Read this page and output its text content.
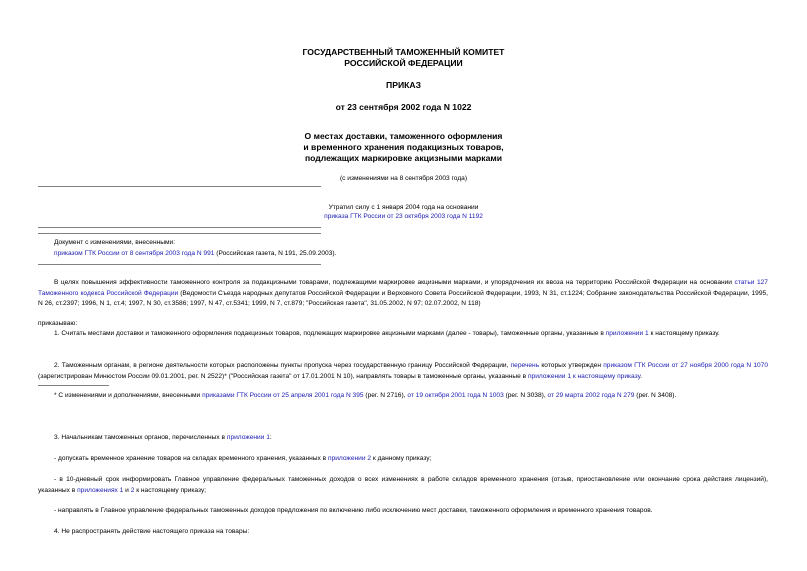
ГОСУДАРСТВЕННЫЙ ТАМОЖЕННЫЙ КОМИТЕТ
РОССИЙСКОЙ ФЕДЕРАЦИИ
ПРИКАЗ
от 23 сентября 2002 года N 1022
О местах доставки, таможенного оформления
и временного хранения подакцизных товаров,
подлежащих маркировке акцизными марками
(с изменениями на 8 сентября 2003 года)
Утратил силу с 1 января 2004 года на основании
приказа ГТК России от 23 октября 2003 года N 1192
Документ с изменениями, внесенными:
приказом ГТК России от 8 сентября 2003 года N 991 (Российская газета, N 191, 25.09.2003).
В целях повышения эффективности таможенного контроля за подакцизными товарами, подлежащими маркировке акцизными марками, и упорядочения их ввоза на территорию Российской Федерации на основании статьи 127 Таможенного кодекса Российской Федерации (Ведомости Съезда народных депутатов Российской Федерации и Верховного Совета Российской Федерации, 1993, N 31, ст.1224; Собрание законодательства Российской Федерации, 1995, N 26, ст.2397; 1996, N 1, ст.4; 1997, N 30, ст.3586; 1997, N 47, ст.5341; 1999, N 7, ст.879; "Российская газета", 31.05.2002, N 97; 02.07.2002, N 118)
приказываю:
1. Считать местами доставки и таможенного оформления подакцизных товаров, подлежащих маркировке акцизными марками (далее - товары), таможенные органы, указанные в приложении 1 к настоящему приказу.
2. Таможенным органам, в регионе деятельности которых расположены пункты пропуска через государственную границу Российской Федерации, перечень которых утвержден приказом ГТК России от 27 ноября 2000 года N 1070 (зарегистрирован Минюстом России 09.01.2001, рег. N 2522)* ("Российская газета" от 17.01.2001 N 10), направлять товары в таможенные органы, указанные в приложении 1 к настоящему приказу.
* С изменениями и дополнениями, внесенными приказами ГТК России от 25 апреля 2001 года N 395 (рег. N 2716), от 19 октября 2001 года N 1003 (рег. N 3038), от 29 марта 2002 года N 279 (рег. N 3408).
3. Начальникам таможенных органов, перечисленных в приложении 1:
- допускать временное хранение товаров на складах временного хранения, указанных в приложении 2 к данному приказу;
- в 10-дневный срок информировать Главное управление федеральных таможенных доходов о всех изменениях в работе складов временного хранения (отзыв, приостановление или окончание срока действия лицензий), указанных в приложениях 1 и 2 к настоящему приказу;
- направлять в Главное управление федеральных таможенных доходов предложения по включению либо исключению мест доставки, таможенного оформления и временного хранения товаров.
4. Не распространять действие настоящего приказа на товары:
